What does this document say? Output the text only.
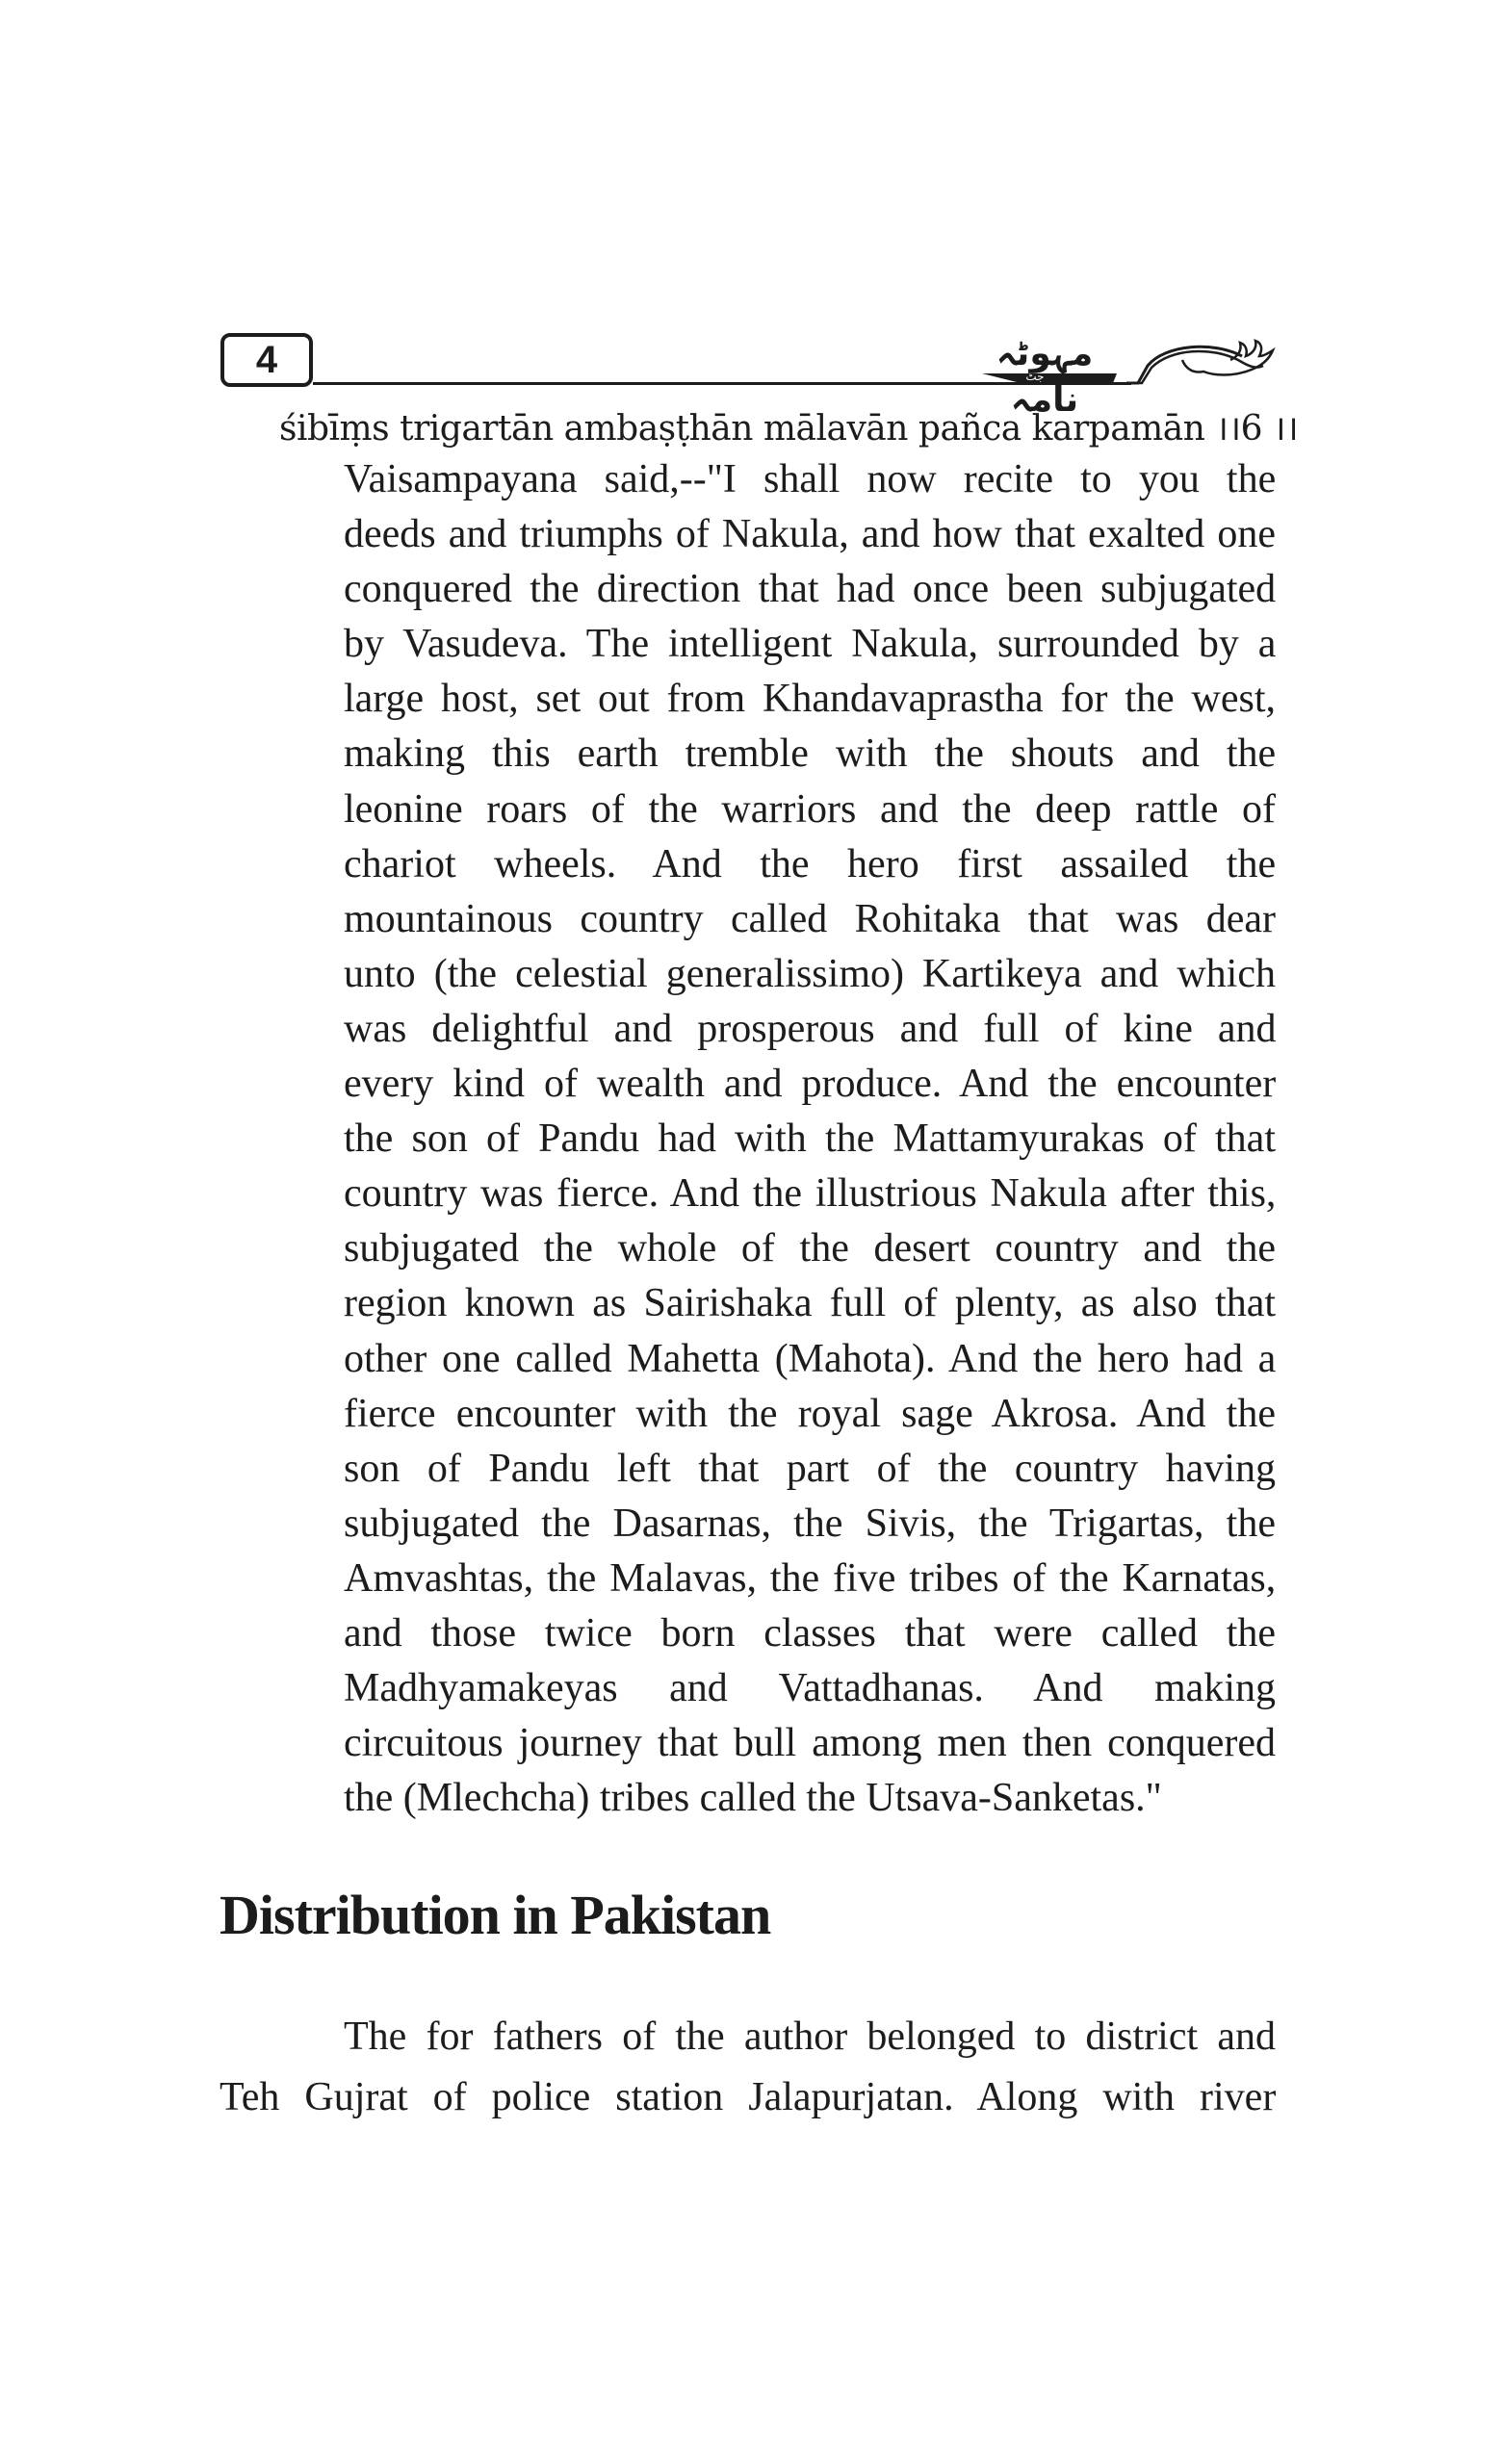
4	مہوٹہ نامہ
جٹ
śibīṃs trigartān ambaṣṭhān mālavān pañca karpamān ।।6 ।।
Vaisampayana said,--"I shall now recite to you the
deeds and triumphs of Nakula, and how that exalted one
conquered the direction that had once been subjugated
by Vasudeva. The intelligent Nakula, surrounded by a
large host, set out from Khandavaprastha for the west,
making this earth tremble with the shouts and the
leonine roars of the warriors and the deep rattle of
chariot wheels. And the hero first assailed the
mountainous country called Rohitaka that was dear
unto (the celestial generalissimo) Kartikeya and which
was delightful and prosperous and full of kine and
every kind of wealth and produce. And the encounter
the son of Pandu had with the Mattamyurakas of that
country was fierce. And the illustrious Nakula after this,
subjugated the whole of the desert country and the
region known as Sairishaka full of plenty, as also that
other one called Mahetta (Mahota). And the hero had a
fierce encounter with the royal sage Akrosa. And the
son of Pandu left that part of the country having
subjugated the Dasarnas, the Sivis, the Trigartas, the
Amvashtas, the Malavas, the five tribes of the Karnatas,
and those twice born classes that were called the
Madhyamakeyas and Vattadhanas. And making
circuitous journey that bull among men then conquered
the (Mlechcha) tribes called the Utsava-Sanketas."
Distribution in Pakistan
The for fathers of the author belonged to district and
Teh Gujrat of police station Jalapurjatan. Along with river
